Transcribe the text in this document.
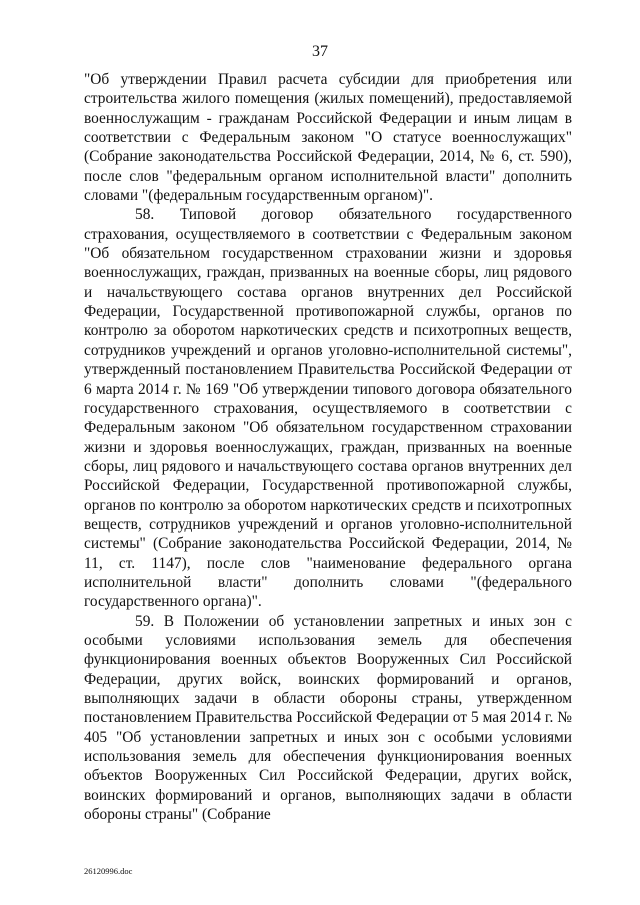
37

"Об утверждении Правил расчета субсидии для приобретения или строительства жилого помещения (жилых помещений), предоставляемой военнослужащим - гражданам Российской Федерации и иным лицам в соответствии с Федеральным законом "О статусе военнослужащих" (Собрание законодательства Российской Федерации, 2014, № 6, ст. 590), после слов "федеральным органом исполнительной власти" дополнить словами "(федеральным государственным органом)".

58. Типовой договор обязательного государственного страхования, осуществляемого в соответствии с Федеральным законом "Об обязательном государственном страховании жизни и здоровья военнослужащих, граждан, призванных на военные сборы, лиц рядового и начальствующего состава органов внутренних дел Российской Федерации, Государственной противопожарной службы, органов по контролю за оборотом наркотических средств и психотропных веществ, сотрудников учреждений и органов уголовно-исполнительной системы", утвержденный постановлением Правительства Российской Федерации от 6 марта 2014 г. № 169 "Об утверждении типового договора обязательного государственного страхования, осуществляемого в соответствии с Федеральным законом "Об обязательном государственном страховании жизни и здоровья военнослужащих, граждан, призванных на военные сборы, лиц рядового и начальствующего состава органов внутренних дел Российской Федерации, Государственной противопожарной службы, органов по контролю за оборотом наркотических средств и психотропных веществ, сотрудников учреждений и органов уголовно-исполнительной системы" (Собрание законодательства Российской Федерации, 2014, № 11, ст. 1147), после слов "наименование федерального органа исполнительной власти" дополнить словами "(федерального государственного органа)".

59. В Положении об установлении запретных и иных зон с особыми условиями использования земель для обеспечения функционирования военных объектов Вооруженных Сил Российской Федерации, других войск, воинских формирований и органов, выполняющих задачи в области обороны страны, утвержденном постановлением Правительства Российской Федерации от 5 мая 2014 г. № 405 "Об установлении запретных и иных зон с особыми условиями использования земель для обеспечения функционирования военных объектов Вооруженных Сил Российской Федерации, других войск, воинских формирований и органов, выполняющих задачи в области обороны страны" (Собрание

26120996.doc
